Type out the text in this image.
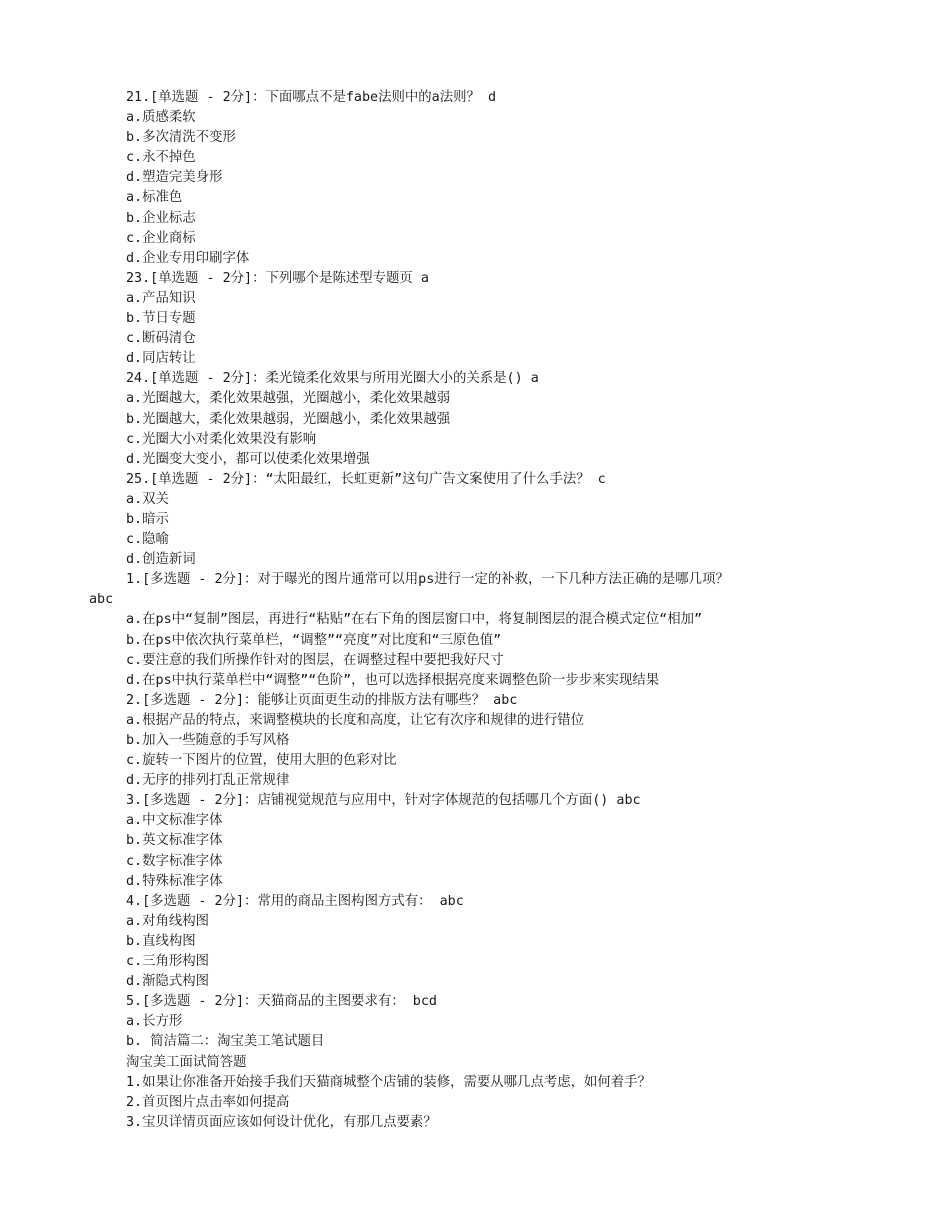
21.[单选题 - 2分]：下面哪点不是fabe法则中的a法则？ d
a.质感柔软
b.多次清洗不变形
c.永不掉色
d.塑造完美身形
a.标准色
b.企业标志
c.企业商标
d.企业专用印刷字体
23.[单选题 - 2分]：下列哪个是陈述型专题页 a
a.产品知识
b.节日专题
c.断码清仓
d.同店转让
24.[单选题 - 2分]：柔光镜柔化效果与所用光圈大小的关系是() a
a.光圈越大，柔化效果越强，光圈越小，柔化效果越弱
b.光圈越大，柔化效果越弱，光圈越小，柔化效果越强
c.光圈大小对柔化效果没有影响
d.光圈变大变小，都可以使柔化效果增强
25.[单选题 - 2分]：“太阳最红，长虹更新”这句广告文案使用了什么手法？ c
a.双关
b.暗示
c.隐喻
d.创造新词
1.[多选题 - 2分]：对于曝光的图片通常可以用ps进行一定的补救，一下几种方法正确的是哪几项？
abc
a.在ps中“复制”图层，再进行“粘贴”在右下角的图层窗口中，将复制图层的混合模式定位“相加”
b.在ps中依次执行菜单栏，“调整”“亮度”对比度和“三原色值”
c.要注意的我们所操作针对的图层，在调整过程中要把我好尺寸
d.在ps中执行菜单栏中“调整”“色阶”，也可以选择根据亮度来调整色阶一步步来实现结果
2.[多选题 - 2分]：能够让页面更生动的排版方法有哪些？ abc
a.根据产品的特点，来调整模块的长度和高度，让它有次序和规律的进行错位
b.加入一些随意的手写风格
c.旋转一下图片的位置，使用大胆的色彩对比
d.无序的排列打乱正常规律
3.[多选题 - 2分]：店铺视觉规范与应用中，针对字体规范的包括哪几个方面() abc
a.中文标准字体
b.英文标准字体
c.数字标准字体
d.特殊标准字体
4.[多选题 - 2分]：常用的商品主图构图方式有： abc
a.对角线构图
b.直线构图
c.三角形构图
d.渐隐式构图
5.[多选题 - 2分]：天猫商品的主图要求有： bcd
a.长方形
b. 简洁篇二：淘宝美工笔试题目
淘宝美工面试简答题
1.如果让你准备开始接手我们天猫商城整个店铺的装修，需要从哪几点考虑，如何着手？
2.首页图片点击率如何提高
3.宝贝详情页面应该如何设计优化，有那几点要素？
